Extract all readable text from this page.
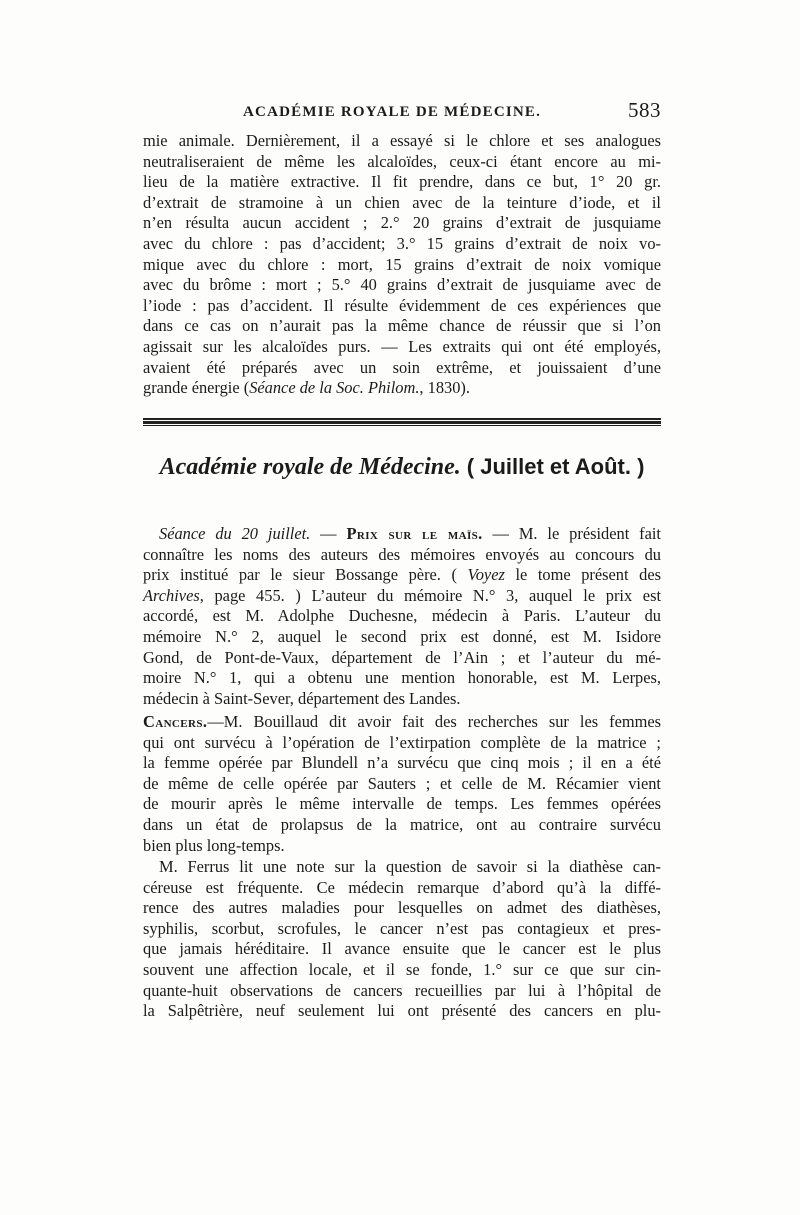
ACADÉMIE ROYALE DE MÉDECINE.	583
mie animale. Dernièrement, il a essayé si le chlore et ses analogues
neutraliseraient de même les alcaloïdes, ceux-ci étant encore au mi-
lieu de la matière extractive. Il fit prendre, dans ce but, 1° 20 gr.
d’extrait de stramoine à un chien avec de la teinture d’iode, et il
n’en résulta aucun accident ; 2.° 20 grains d’extrait de jusquiame
avec du chlore : pas d’accident; 3.° 15 grains d’extrait de noix vo-
mique avec du chlore : mort, 15 grains d’extrait de noix vomique
avec du brôme : mort ; 5.° 40 grains d’extrait de jusquiame avec de
l’iode : pas d’accident. Il résulte évidemment de ces expériences que
dans ce cas on n’aurait pas la même chance de réussir que si l’on
agissait sur les alcaloïdes purs. — Les extraits qui ont été employés,
avaient été préparés avec un soin extrême, et jouissaient d’une
grande énergie (Séance de la Soc. Philom., 1830).
Académie royale de Médecine. ( Juillet et Août. )
Séance du 20 juillet. — Prix sur le maïs. — M. le président fait
connaître les noms des auteurs des mémoires envoyés au concours du
prix institué par le sieur Bossange père. ( Voyez le tome présent des
Archives, page 455. ) L’auteur du mémoire N.° 3, auquel le prix est
accordé, est M. Adolphe Duchesne, médecin à Paris. L’auteur du
mémoire N.° 2, auquel le second prix est donné, est M. Isidore
Gond, de Pont-de-Vaux, département de l’Ain ; et l’auteur du mé-
moire N.° 1, qui a obtenu une mention honorable, est M. Lerpes,
médecin à Saint-Sever, département des Landes.
Cancers.—M. Bouillaud dit avoir fait des recherches sur les femmes
qui ont survécu à l’opération de l’extirpation complète de la matrice ;
la femme opérée par Blundell n’a survécu que cinq mois ; il en a été
de même de celle opérée par Sauters ; et celle de M. Récamier vient
de mourir après le même intervalle de temps. Les femmes opérées
dans un état de prolapsus de la matrice, ont au contraire survécu
bien plus long-temps.
M. Ferrus lit une note sur la question de savoir si la diathèse can-
céreuse est fréquente. Ce médecin remarque d’abord qu’à la diffé-
rence des autres maladies pour lesquelles on admet des diathèses,
syphilis, scorbut, scrofules, le cancer n’est pas contagieux et pres-
que jamais héréditaire. Il avance ensuite que le cancer est le plus
souvent une affection locale, et il se fonde, 1.° sur ce que sur cin-
quante-huit observations de cancers recueillies par lui à l’hôpital de
la Salpêtrière, neuf seulement lui ont présenté des cancers en plu-
